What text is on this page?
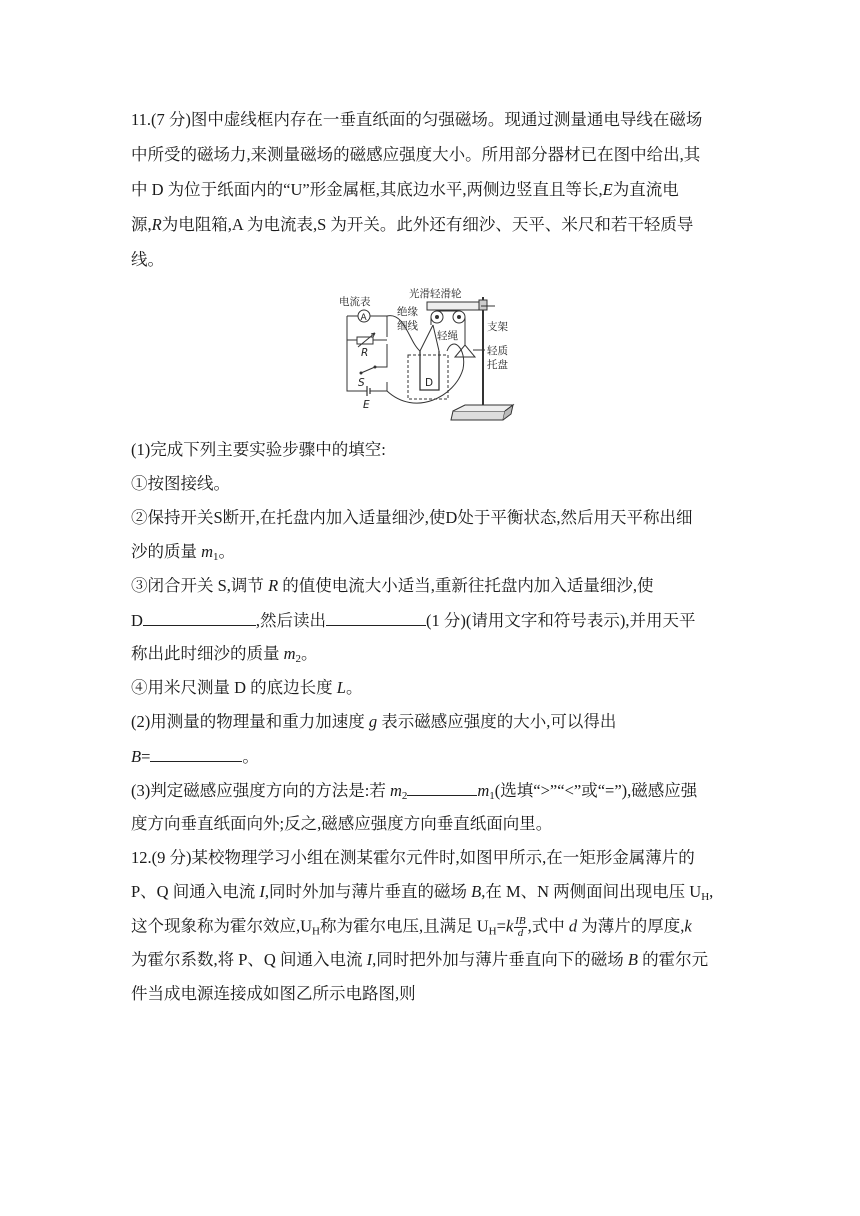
11.(7 分)图中虚线框内存在一垂直纸面的匀强磁场。现通过测量通电导线在磁场
中所受的磁场力,来测量磁场的磁感应强度大小。所用部分器材已在图中给出,其
中 D 为位于纸面内的“U”形金属框,其底边水平,两侧边竖直且等长,E为直流电
源,R为电阻箱,A 为电流表,S 为开关。此外还有细沙、天平、米尺和若干轻质导
线。
电流表
A
R
S
E
D
绝缘
细线
光滑轻滑轮
轻绳
轻质
托盘
支架
(1)完成下列主要实验步骤中的填空:
①按图接线。
②保持开关S断开,在托盘内加入适量细沙,使D处于平衡状态,然后用天平称出细
沙的质量 $m_1$。
③闭合开关 S,调节 R 的值使电流大小适当,重新往托盘内加入适量细沙,使
D	,然后读出	(1 分)(请用文字和符号表示),并用天平
称出此时细沙的质量 $m_2$。
④用米尺测量 D 的底边长度 L。
(2)用测量的物理量和重力加速度 g 表示磁感应强度的大小,可以得出
B=	。
(3)判定磁感应强度方向的方法是:若 $m_2$	$m_1$(选填“>”“<”或“=”),磁感应强
度方向垂直纸面向外;反之,磁感应强度方向垂直纸面向里。
12.(9 分)某校物理学习小组在测某霍尔元件时,如图甲所示,在一矩形金属薄片的
P、Q 间通入电流 I,同时外加与薄片垂直的磁场 B,在 M、N 两侧面间出现电压 $U_H$,
这个现象称为霍尔效应$,U_H$称为霍尔电压,且满足 $U_H=k \frac{IB}{d}$ ,式中 d 为薄片的厚度,k
为霍尔系数,将 P、Q 间通入电流 I,同时把外加与薄片垂直向下的磁场 B 的霍尔元
件当成电源连接成如图乙所示电路图,则
